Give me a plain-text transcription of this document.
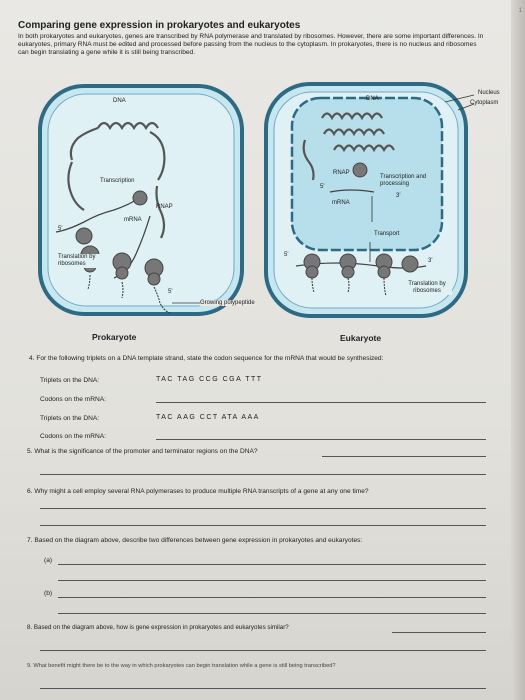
1
Comparing gene expression in prokaryotes and eukaryotes
In both prokaryotes and eukaryotes, genes are transcribed by RNA polymerase and translated by ribosomes. However, there are some important differences. In eukaryotes, primary RNA must be edited and processed before passing from the nucleus to the cytoplasm. In prokaryotes, there is no nucleus and ribosomes can begin translating a gene while it is still being transcribed.
DNA
Transcription
RNAP
mRNA
Translation by ribosomes
5'
5'
Growing polypeptide
DNA
RNAP
5'
Transcription and processing
3'
mRNA
Transport
5'
3'
Translation by ribosomes
Nucleus
Cytoplasm
Prokaryote	Eukaryote
4. For the following triplets on a DNA template strand, state the codon sequence for the mRNA that would be synthesized:
Triplets on the DNA:	TAC TAG CCG CGA TTT
Codons on the mRNA:
Triplets on the DNA:	TAC AAG CCT ATA AAA
Codons on the mRNA:
5. What is the significance of the promoter and terminator regions on the DNA?
6. Why might a cell employ several RNA polymerases to produce multiple RNA transcripts of a gene at any one time?
7. Based on the diagram above, describe two differences between gene expression in prokaryotes and eukaryotes:
(a)
(b)
8. Based on the diagram above, how is gene expression in prokaryotes and eukaryotes similar?
9. What benefit might there be to the way in which prokaryotes can begin translation while a gene is still being transcribed?
